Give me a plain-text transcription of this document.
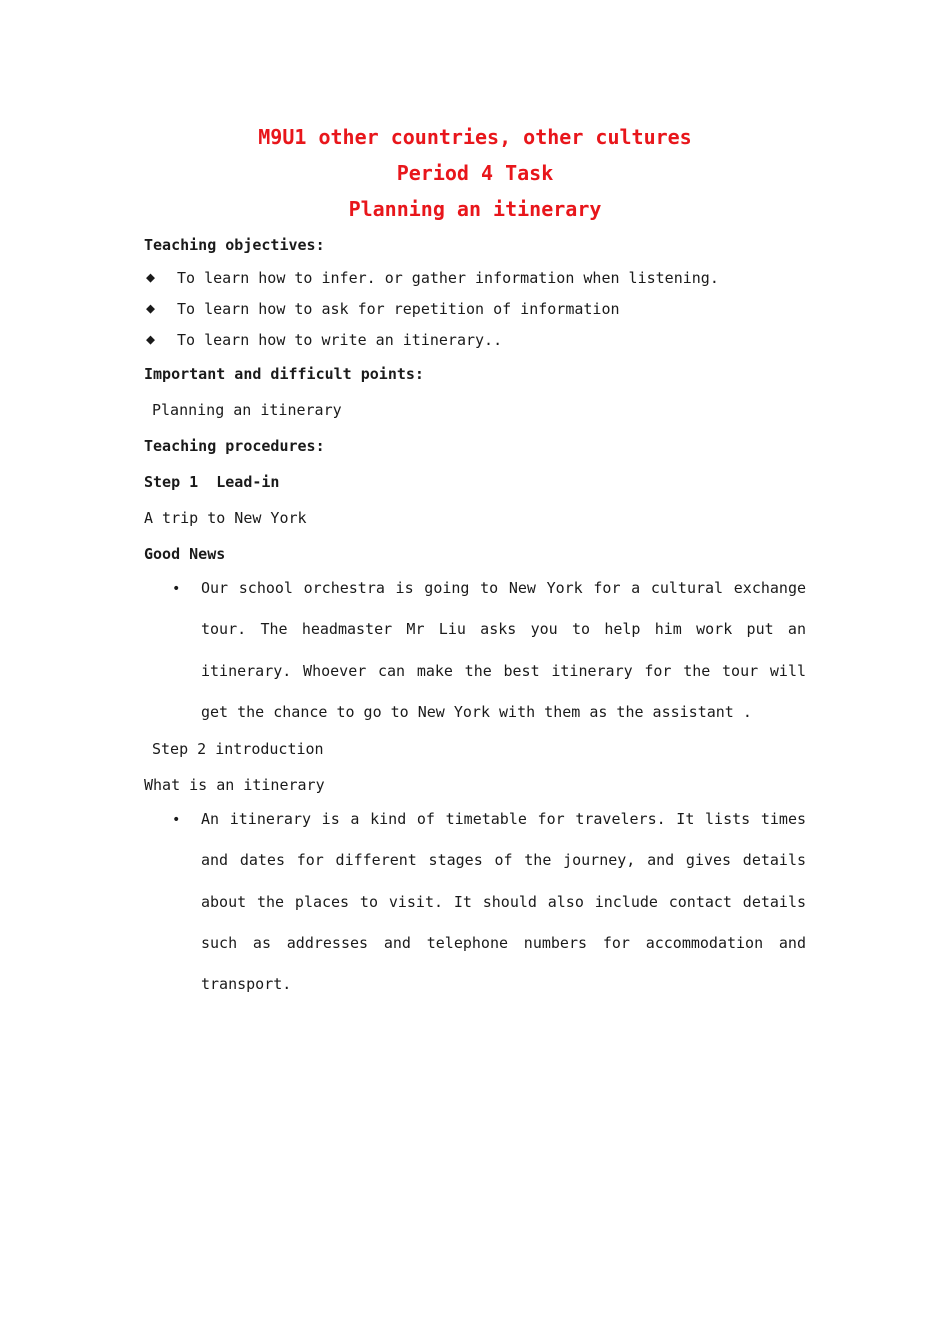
M9U1 other countries, other cultures
Period 4 Task
Planning an itinerary
Teaching objectives:
◆ To learn how to infer. or gather information when listening.
◆ To learn how to ask for repetition of information
◆ To learn how to write an itinerary..
Important and difficult points:
Planning an itinerary
Teaching procedures:
Step 1  Lead-in
A trip to New York
Good News
• Our school orchestra is going to New York for a cultural exchange tour. The headmaster Mr Liu asks you to help him work put an itinerary. Whoever can make the best itinerary for the tour will get the chance to go to New York with them as the assistant .
Step 2 introduction
What is an itinerary
• An itinerary is a kind of timetable for travelers. It lists times and dates for different stages of the journey, and gives details about the places to visit. It should also include contact details such as addresses and telephone numbers for accommodation and transport.
